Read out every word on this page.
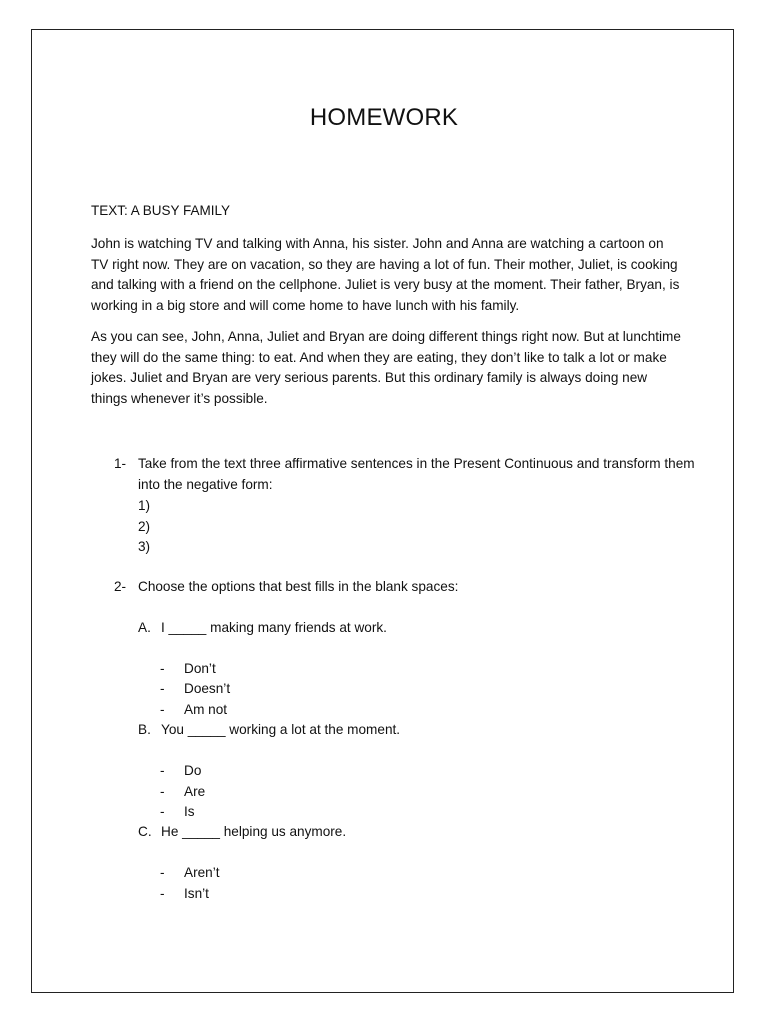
HOMEWORK
TEXT: A BUSY FAMILY

John is watching TV and talking with Anna, his sister. John and Anna are watching a cartoon on TV right now. They are on vacation, so they are having a lot of fun. Their mother, Juliet, is cooking and talking with a friend on the cellphone. Juliet is very busy at the moment. Their father, Bryan, is working in a big store and will come home to have lunch with his family.

As you can see, John, Anna, Juliet and Bryan are doing different things right now. But at lunchtime they will do the same thing: to eat. And when they are eating, they don’t like to talk a lot or make jokes. Juliet and Bryan are very serious parents. But this ordinary family is always doing new things whenever it’s possible.

1- Take from the text three affirmative sentences in the Present Continuous and transform them into the negative form:
1)
2)
3)
2- Choose the options that best fills in the blank spaces:
A. I _____ making many friends at work.
- Don’t
- Doesn’t
- Am not
B. You _____ working a lot at the moment.
- Do
- Are
- Is
C. He _____ helping us anymore.
- Aren’t
- Isn’t
